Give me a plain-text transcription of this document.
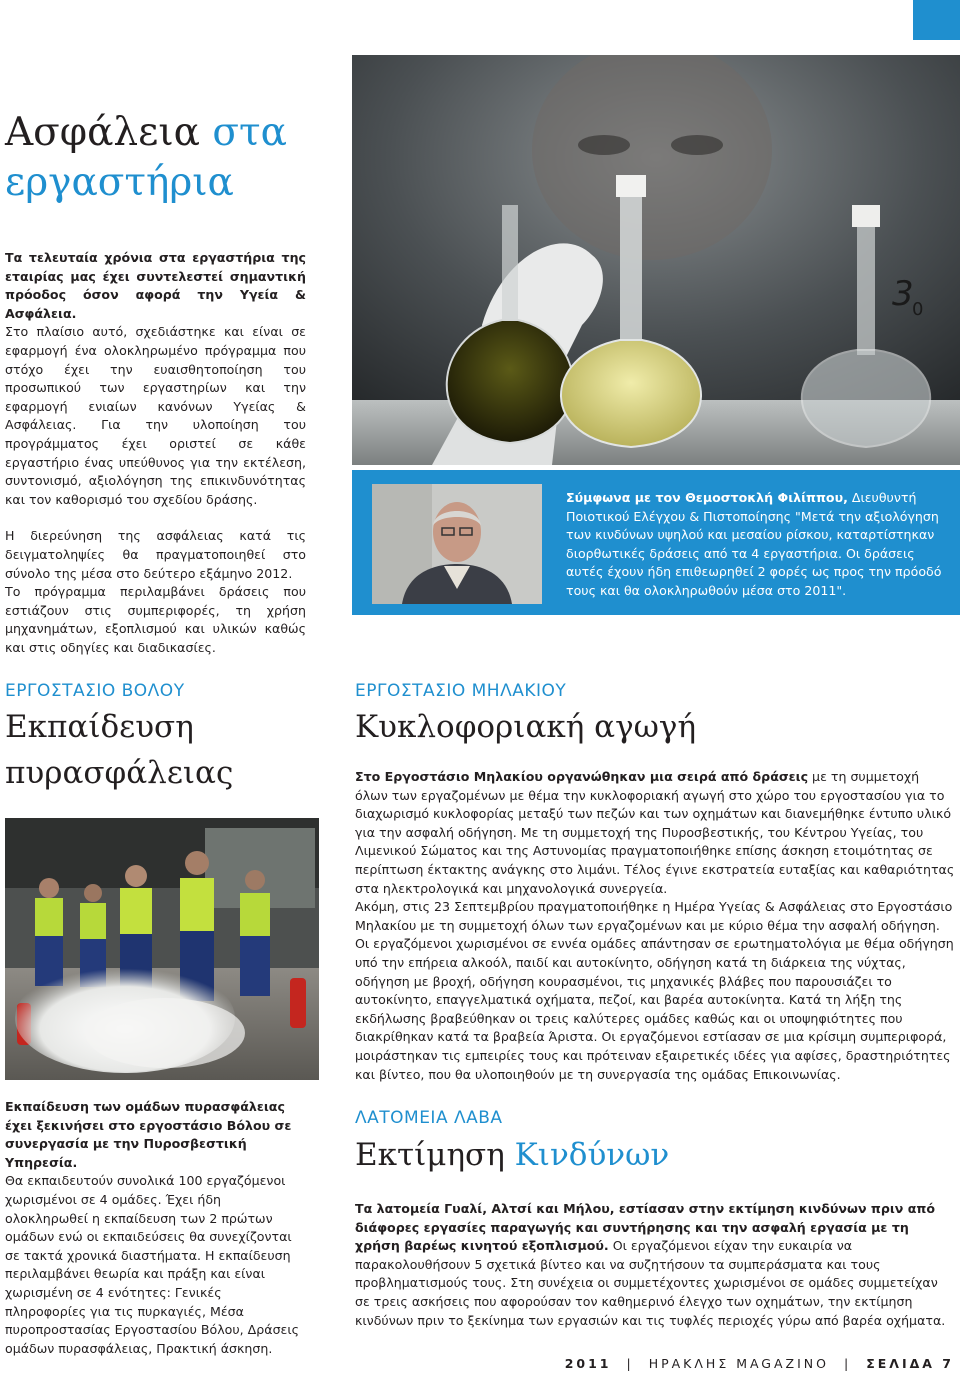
Ασφάλεια στα
εργαστήρια

Τα τελευταία χρόνια στα εργαστήρια της εταιρίας μας έχει συντελεστεί σημαντική πρόοδος όσον αφορά την Υγεία & Ασφάλεια.

Στο πλαίσιο αυτό, σχεδιάστηκε και είναι σε εφαρμογή ένα ολοκληρωμένο πρόγραμμα που στόχο έχει την ευαισθητοποίηση του προσωπικού των εργαστηρίων και την εφαρμογή ενιαίων κανόνων Υγείας & Ασφάλειας. Για την υλοποίηση του προγράμματος έχει οριστεί σε κάθε εργαστήριο ένας υπεύθυνος για την εκτέλεση, συντονισμό, αξιολόγηση της επικινδυνότητας και τον καθορισμό του σχεδίου δράσης.

Η διερεύνηση της ασφάλειας κατά τις δειγματοληψίες θα πραγματοποιηθεί στο σύνολο της μέσα στο δεύτερο εξάμηνο 2012.

Το πρόγραμμα περιλαμβάνει δράσεις που εστιάζουν στις συμπεριφορές, τη χρήση μηχανημάτων, εξοπλισμού και υλικών καθώς και στις οδηγίες και διαδικασίες.

3
0
Σύμφωνα με τον Θεμοστοκλή Φιλίππου, Διευθυντή Ποιοτικού Ελέγχου & Πιστοποίησης "Μετά την αξιολόγηση των κινδύνων υψηλού και μεσαίου ρίσκου, καταρτίστηκαν διορθωτικές δράσεις από τα 4 εργαστήρια. Οι δράσεις αυτές έχουν ήδη επιθεωρηθεί 2 φορές ως προς την πρόοδό τους και θα ολοκληρωθούν μέσα στο 2011".
ΕΡΓΟΣΤΑΣΙΟ ΒΟΛΟΥ
Εκπαίδευση
πυρασφάλειας

Εκπαίδευση των ομάδων πυρασφάλειας έχει ξεκινήσει στο εργοστάσιο Βόλου σε συνεργασία με την Πυροσβεστική Υπηρεσία.

Θα εκπαιδευτούν συνολικά 100 εργαζόμενοι χωρισμένοι σε 4 ομάδες. Έχει ήδη ολοκληρωθεί η εκπαίδευση των 2 πρώτων ομάδων ενώ οι εκπαιδεύσεις θα συνεχίζονται σε τακτά χρονικά διαστήματα. Η εκπαίδευση περιλαμβάνει θεωρία και πράξη και είναι χωρισμένη σε 4 ενότητες: Γενικές πληροφορίες για τις πυρκαγιές, Μέσα πυροπροστασίας Εργοστασίου Βόλου, Δράσεις ομάδων πυρασφάλειας, Πρακτική άσκηση.

ΕΡΓΟΣΤΑΣΙΟ ΜΗΛΑΚΙΟΥ
Κυκλοφοριακή αγωγή

Στο Εργοστάσιο Μηλακίου οργανώθηκαν μια σειρά από δράσεις με τη συμμετοχή όλων των εργαζομένων με θέμα την κυκλοφοριακή αγωγή στο χώρο του εργοστασίου για το διαχωρισμό κυκλοφορίας μεταξύ των πεζών και των οχημάτων και διανεμήθηκε έντυπο υλικό για την ασφαλή οδήγηση. Με τη συμμετοχή της Πυροσβεστικής, του Κέντρου Υγείας, του Λιμενικού Σώματος και της Αστυνομίας πραγματοποιήθηκε επίσης άσκηση ετοιμότητας σε περίπτωση έκτακτης ανάγκης στο λιμάνι. Τέλος έγινε εκστρατεία ευταξίας και καθαριότητας στα ηλεκτρολογικά και μηχανολογικά συνεργεία.

Ακόμη, στις 23 Σεπτεμβρίου πραγματοποιήθηκε η Ημέρα Υγείας & Ασφάλειας στο Εργοστάσιο Μηλακίου με τη συμμετοχή όλων των εργαζομένων και με κύριο θέμα την ασφαλή οδήγηση. Οι εργαζόμενοι χωρισμένοι σε εννέα ομάδες απάντησαν σε ερωτηματολόγια με θέμα οδήγηση υπό την επήρεια αλκοόλ, παιδί και αυτοκίνητο, οδήγηση κατά τη διάρκεια της νύχτας, οδήγηση με βροχή, οδήγηση κουρασμένοι, τις μηχανικές βλάβες που παρουσιάζει το αυτοκίνητο, επαγγελματικά οχήματα, πεζοί, και βαρέα αυτοκίνητα. Κατά τη λήξη της εκδήλωσης βραβεύθηκαν οι τρεις καλύτερες ομάδες καθώς και οι υποψηφιότητες που διακρίθηκαν κατά τα βραβεία Άριστα. Οι εργαζόμενοι εστίασαν σε μια κρίσιμη συμπεριφορά, μοιράστηκαν τις εμπειρίες τους και πρότειναν εξαιρετικές ιδέες για αφίσες, δραστηριότητες και βίντεο, που θα υλοποιηθούν με τη συνεργασία της ομάδας Επικοινωνίας.

ΛΑΤΟΜΕΙΑ ΛΑΒΑ
Εκτίμηση Κινδύνων

Τα λατομεία Γυαλί, Αλτσί και Μήλου, εστίασαν στην εκτίμηση κινδύνων πριν από διάφορες εργασίες παραγωγής και συντήρησης και την ασφαλή εργασία με τη χρήση βαρέως κινητού εξοπλισμού. Οι εργαζόμενοι είχαν την ευκαιρία να παρακολουθήσουν 5 σχετικά βίντεο και να συζητήσουν τα συμπεράσματα και τους προβληματισμούς τους. Στη συνέχεια οι συμμετέχοντες χωρισμένοι σε ομάδες συμμετείχαν σε τρεις ασκήσεις που αφορούσαν τον καθημερινό έλεγχο των οχημάτων, την εκτίμηση κινδύνων πριν το ξεκίνημα των εργασιών και τις τυφλές περιοχές γύρω από βαρέα οχήματα.

2011 | ΗΡΑΚΛΗΣ MAGAZINO | ΣΕΛΙΔΑ 7
